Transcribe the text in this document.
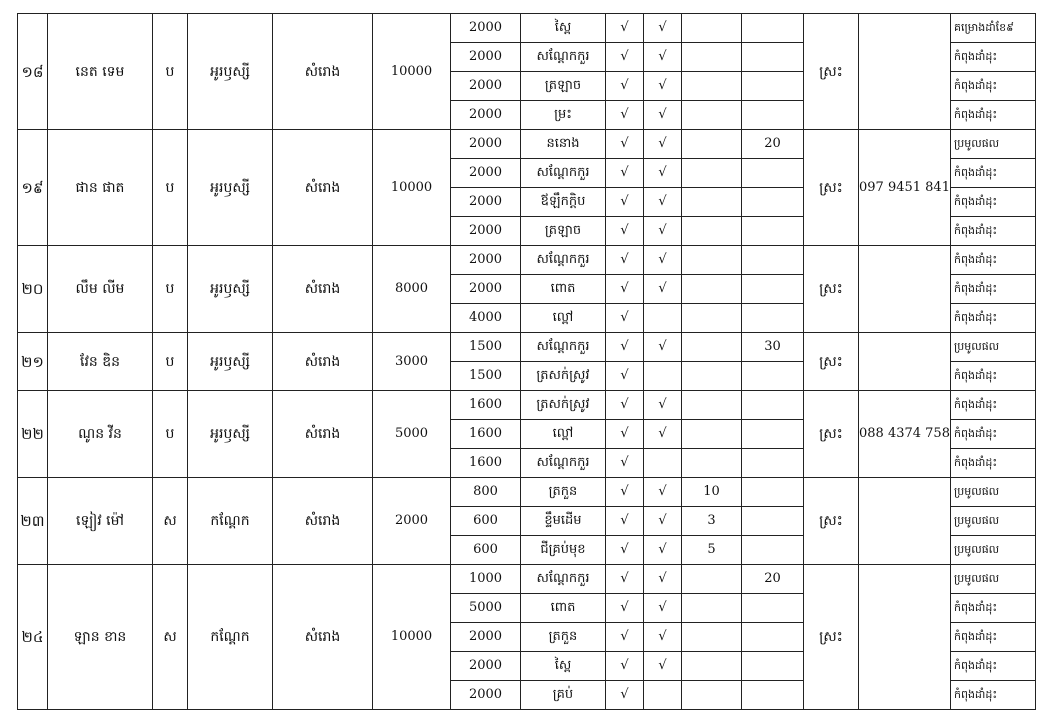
១៨	នេត ទេម	ប	អូរឫស្សី	សំរោង	10000	2000	ស្ពៃ	√	√			ស្រះ		គម្រោងដាំខែ៩
						2000	សណ្តែកកួរ	√	√					កំពុងដាំដុះ
						2000	ត្រឡាច	√	√					កំពុងដាំដុះ
						2000	ម្រះ	√	√					កំពុងដាំដុះ
១៩	ផាន ផាត	ប	អូរឫស្សី	សំរោង	10000	2000	ននោង	√	√		20	ស្រះ	097 9451 841	ប្រមូលផល
						2000	សណ្តែកកួរ	√	√					កំពុងដាំដុះ
						2000	ឪឡឹកក្តិប	√	√					កំពុងដាំដុះ
						2000	ត្រឡាច	√	√					កំពុងដាំដុះ
២០	លឹម លីម	ប	អូរឫស្សី	សំរោង	8000	2000	សណ្តែកកួរ	√	√			ស្រះ		កំពុងដាំដុះ
						2000	ពោត	√	√					កំពុងដាំដុះ
						4000	ល្ពៅ	√						កំពុងដាំដុះ
២១	វែន ឌិន	ប	អូរឫស្សី	សំរោង	3000	1500	សណ្តែកកួរ	√	√		30	ស្រះ		ប្រមូលផល
						1500	ត្រសក់ស្រូវ	√						កំពុងដាំដុះ
២២	ណូន វីន	ប	អូរឫស្សី	សំរោង	5000	1600	ត្រសក់ស្រូវ	√	√			ស្រះ	088 4374 758	កំពុងដាំដុះ
						1600	ល្ពៅ	√	√					កំពុងដាំដុះ
						1600	សណ្តែកកួរ	√						កំពុងដាំដុះ
២៣	ឡៀវ ម៉ៅ	ស	កណ្តែក	សំរោង	2000	800	ត្រកួន	√	√	10		ស្រះ		ប្រមូលផល
						600	ខ្ទឹមដើម	√	√	3				ប្រមូលផល
						600	ជីគ្រប់មុខ	√	√	5				ប្រមូលផល
២៤	ឡាន ខាន	ស	កណ្តែក	សំរោង	10000	1000	សណ្តែកកួរ	√	√		20	ស្រះ		ប្រមូលផល
						5000	ពោត	√	√					កំពុងដាំដុះ
						2000	ត្រកួន	√	√					កំពុងដាំដុះ
						2000	ស្ពៃ	√	√					កំពុងដាំដុះ
						2000	គ្រប់	√						កំពុងដាំដុះ
